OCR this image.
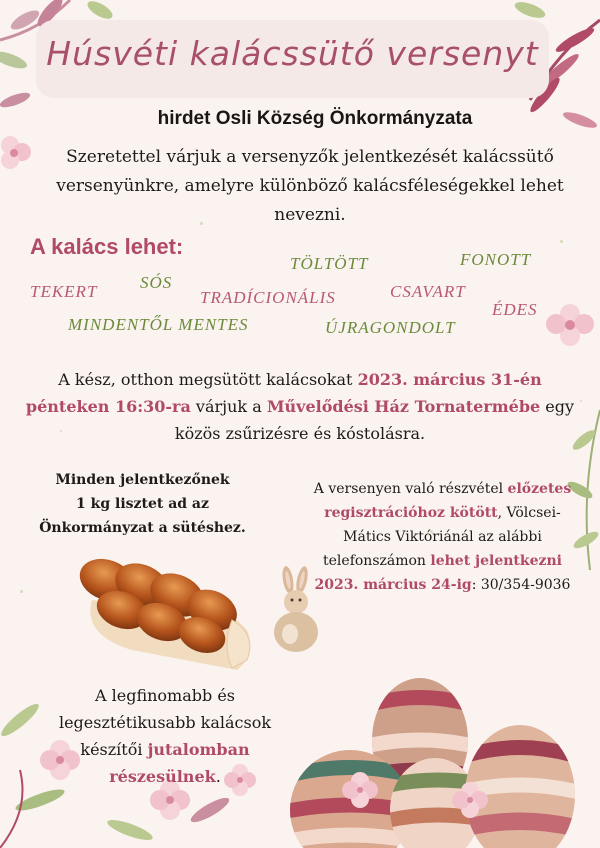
Húsvéti kalácssütő versenyt
hirdet Osli Község Önkormányzata
Szeretettel várjuk a versenyzők jelentkezését kalácssütő versenyünkre, amelyre különböző kalácsféleségekkel lehet nevezni.
A kalács lehet:
TÖLTÖTT	FONOTT
TEKERT	SÓS
TRADÍCIONÁLIS	CSAVART
ÉDES
MINDENTŐL MENTES	ÚJRAGONDOLT
A kész, otthon megsütött kalácsokat 2023. március 31-én pénteken 16:30-ra várjuk a Művelődési Ház Tornatermébe egy közös zsűrizésre és kóstolásra.
Minden jelentkezőnek
1 kg lisztet ad az
Önkormányzat a sütéshez.
A versenyen való részvétel előzetes regisztrációhoz kötött, Völcsei-Mátics Viktóriánál az alábbi telefonszámon lehet jelentkezni 2023. március 24-ig: 30/354-9036
A legfinomabb és legesztétikusabb kalácsok készítői jutalomban részesülnek.
